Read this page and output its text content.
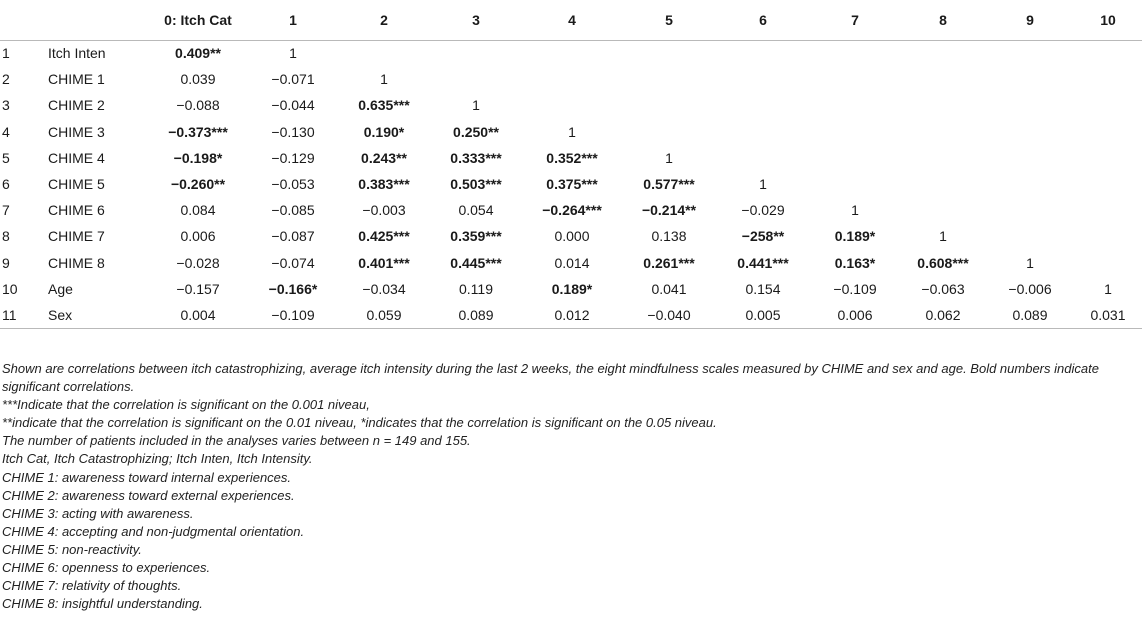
		0: Itch Cat	1	2	3	4	5	6	7	8	9	10
1	Itch Inten	0.409**	1									
2	CHIME 1	0.039	−0.071	1								
3	CHIME 2	−0.088	−0.044	0.635***	1							
4	CHIME 3	−0.373***	−0.130	0.190*	0.250**	1						
5	CHIME 4	−0.198*	−0.129	0.243**	0.333***	0.352***	1					
6	CHIME 5	−0.260**	−0.053	0.383***	0.503***	0.375***	0.577***	1				
7	CHIME 6	0.084	−0.085	−0.003	0.054	−0.264***	−0.214**	−0.029	1			
8	CHIME 7	0.006	−0.087	0.425***	0.359***	0.000	0.138	−258**	0.189*	1		
9	CHIME 8	−0.028	−0.074	0.401***	0.445***	0.014	0.261***	0.441***	0.163*	0.608***	1	
10	Age	−0.157	−0.166*	−0.034	0.119	0.189*	0.041	0.154	−0.109	−0.063	−0.006	1
11	Sex	0.004	−0.109	0.059	0.089	0.012	−0.040	0.005	0.006	0.062	0.089	0.031
Shown are correlations between itch catastrophizing, average itch intensity during the last 2 weeks, the eight mindfulness scales measured by CHIME and sex and age. Bold numbers indicate significant correlations.
***Indicate that the correlation is significant on the 0.001 niveau,
**indicate that the correlation is significant on the 0.01 niveau, *indicates that the correlation is significant on the 0.05 niveau.
The number of patients included in the analyses varies between n = 149 and 155.
Itch Cat, Itch Catastrophizing; Itch Inten, Itch Intensity.
CHIME 1: awareness toward internal experiences.
CHIME 2: awareness toward external experiences.
CHIME 3: acting with awareness.
CHIME 4: accepting and non-judgmental orientation.
CHIME 5: non-reactivity.
CHIME 6: openness to experiences.
CHIME 7: relativity of thoughts.
CHIME 8: insightful understanding.
